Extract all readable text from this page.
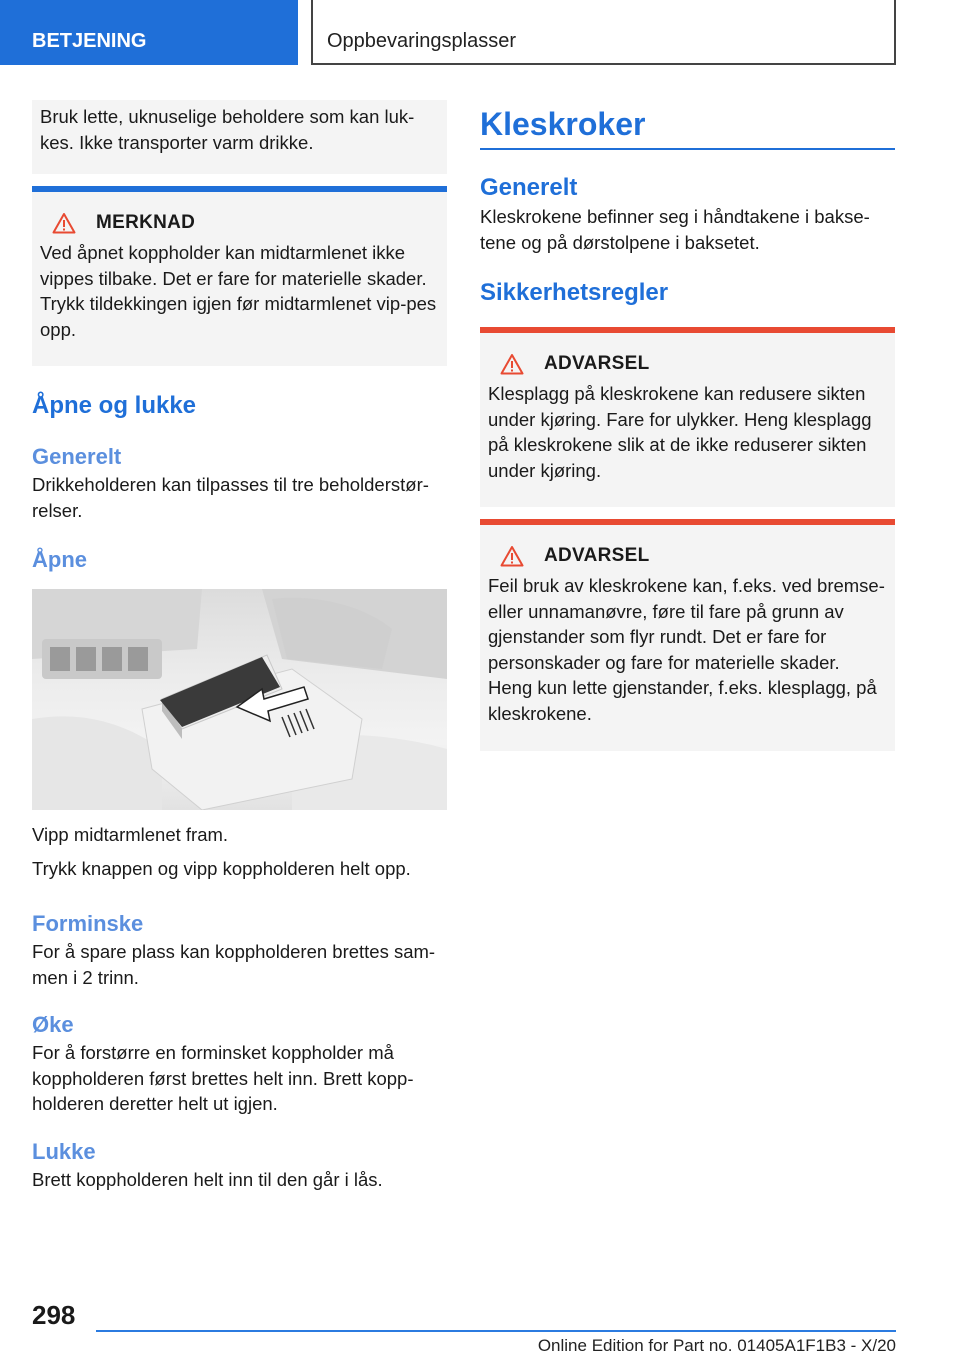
BETJENING	Oppbevaringsplasser

Bruk lette, uknuselige beholdere som kan luk-kes. Ikke transporter varm drikke.

MERKNAD

Ved åpnet koppholder kan midtarmlenet ikke vippes tilbake. Det er fare for materielle skader. Trykk tildekkingen igjen før midtarmlenet vip-pes opp.

Åpne og lukke
Generelt

Drikkeholderen kan tilpasses til tre beholderstør-relser.

Åpne

Vipp midtarmlenet fram.

Trykk knappen og vipp koppholderen helt opp.

Forminske

For å spare plass kan koppholderen brettes sam-men i 2 trinn.

Øke

For å forstørre en forminsket koppholder må koppholderen først brettes helt inn. Brett kopp-holderen deretter helt ut igjen.

Lukke

Brett koppholderen helt inn til den går i lås.

Kleskroker
Generelt

Kleskrokene befinner seg i håndtakene i bakse-tene og på dørstolpene i baksetet.

Sikkerhetsregler
ADVARSEL

Klesplagg på kleskrokene kan redusere sikten under kjøring. Fare for ulykker. Heng klesplagg på kleskrokene slik at de ikke reduserer sikten under kjøring.

ADVARSEL

Feil bruk av kleskrokene kan, f.eks. ved bremse- eller unnamanøvre, føre til fare på grunn av gjenstander som flyr rundt. Det er fare for personskader og fare for materielle skader. Heng kun lette gjenstander, f.eks. klesplagg, på kleskrokene.

298
Online Edition for Part no. 01405A1F1B3 - X/20
